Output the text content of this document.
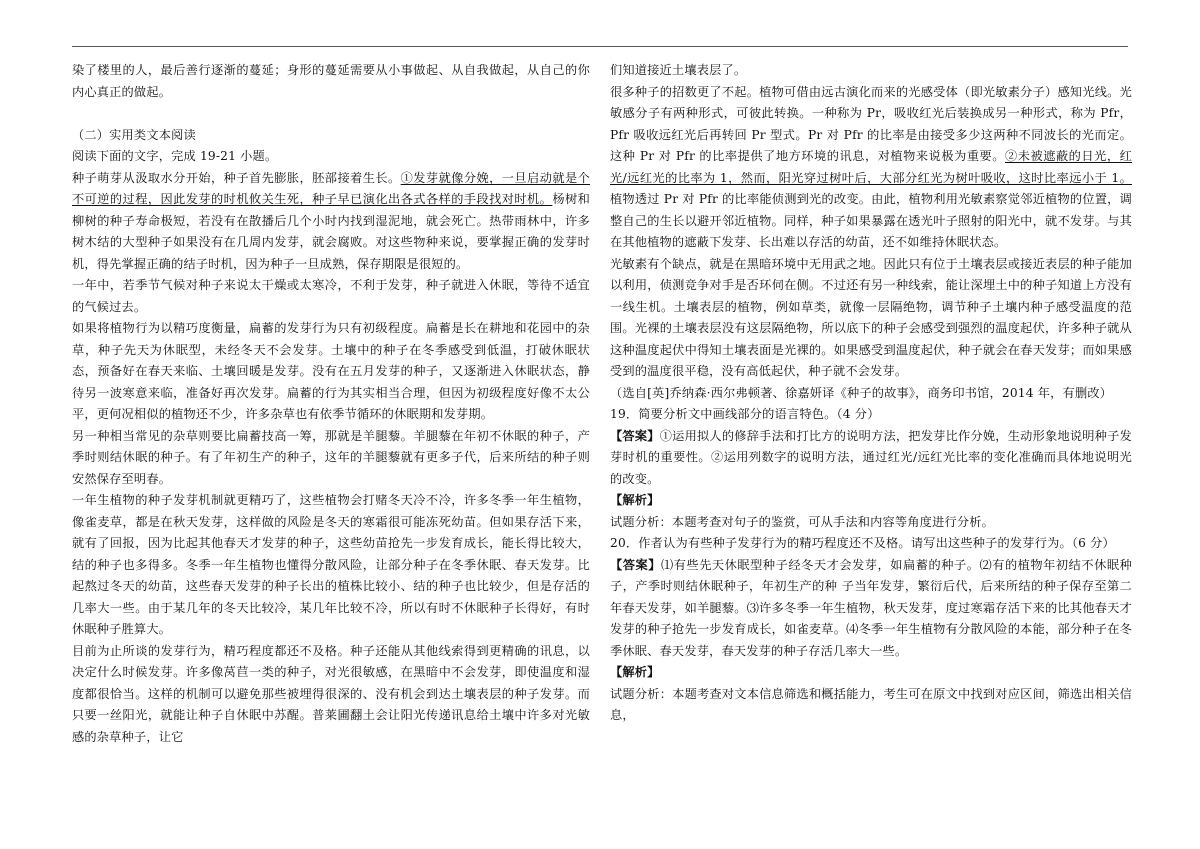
染了楼里的人，最后善行逐渐的蔓延；身形的蔓延需要从小事做起、从自我做起，从自己的你内心真正的做起。

（二）实用类文本阅读

阅读下面的文字，完成 19-21 小题。

种子萌芽从汲取水分开始，种子首先膨胀，胚部接着生长。①发芽就像分娩，一旦启动就是个不可逆的过程，因此发芽的时机攸关生死，种子早已演化出各式各样的手段找对时机。杨树和柳树的种子寿命极短，若没有在散播后几个小时内找到湿泥地，就会死亡。热带雨林中，许多树木结的大型种子如果没有在几周内发芽，就会腐败。对这些物种来说，要掌握正确的发芽时机，得先掌握正确的结子时机，因为种子一旦成熟，保存期限是很短的。

一年中，若季节气候对种子来说太干燥或太寒冷，不利于发芽，种子就进入休眠，等待不适宜的气候过去。

如果将植物行为以精巧度衡量，扁蓄的发芽行为只有初级程度。扁蓄是长在耕地和花园中的杂草，种子先天为休眠型，未经冬天不会发芽。土壤中的种子在冬季感受到低温，打破休眠状态，预备好在春天来临、土壤回暖是发芽。没有在五月发芽的种子，又逐渐进入休眠状态，静待另一波寒意来临，准备好再次发芽。扁蓄的行为其实相当合理，但因为初级程度好像不太公平，更何况相似的植物还不少，许多杂草也有依季节循环的休眠期和发芽期。

另一种相当常见的杂草则要比扁蓄技高一筹，那就是羊腿藜。羊腿藜在年初不休眠的种子，产季时则结休眠的种子。有了年初生产的种子，这年的羊腿藜就有更多子代，后来所结的种子则安然保存至明春。

一年生植物的种子发芽机制就更精巧了，这些植物会打赌冬天冷不冷，许多冬季一年生植物，像雀麦草，都是在秋天发芽，这样做的风险是冬天的寒霜很可能冻死幼苗。但如果存活下来，就有了回报，因为比起其他春天才发芽的种子，这些幼苗抢先一步发育成长，能长得比较大，结的种子也多得多。冬季一年生植物也懂得分散风险，让部分种子在冬季休眠、春天发芽。比起熬过冬天的幼苗，这些春天发芽的种子长出的植株比较小、结的种子也比较少，但是存活的几率大一些。由于某几年的冬天比较冷，某几年比较不冷，所以有时不休眠种子长得好，有时休眠种子胜算大。

目前为止所谈的发芽行为，精巧程度都还不及格。种子还能从其他线索得到更精确的讯息，以决定什么时候发芽。许多像莴苣一类的种子，对光很敏感，在黑暗中不会发芽，即使温度和湿度都很恰当。这样的机制可以避免那些被埋得很深的、没有机会到达土壤表层的种子发芽。而只要一丝阳光，就能让种子自休眠中苏醒。普莱圃翻土会让阳光传递讯息给土壤中许多对光敏感的杂草种子，让它

们知道接近土壤表层了。

很多种子的招数更了不起。植物可借由远古演化而来的光感受体（即光敏素分子）感知光线。光敏感分子有两种形式，可彼此转换。一种称为 Pr，吸收红光后装换成另一种形式，称为 Pfr，Pfr 吸收远红光后再转回 Pr 型式。Pr 对 Pfr 的比率是由接受多少这两种不同波长的光而定。这种 Pr 对 Pfr 的比率提供了地方环境的讯息，对植物来说极为重要。②未被遮蔽的日光，红光/远红光的比率为 1，然而，阳光穿过树叶后，大部分红光为树叶吸收，这时比率远小于 1。植物透过 Pr 对 Pfr 的比率能侦测到光的改变。由此，植物利用光敏素察觉邻近植物的位置，调整自己的生长以避开邻近植物。同样，种子如果暴露在透光叶子照射的阳光中，就不发芽。与其在其他植物的遮蔽下发芽、长出难以存活的幼苗，还不如维持休眠状态。

光敏素有个缺点，就是在黑暗环境中无用武之地。因此只有位于土壤表层或接近表层的种子能加以利用，侦测竞争对手是否环伺在侧。不过还有另一种线索，能让深埋土中的种子知道上方没有一线生机。土壤表层的植物，例如草类，就像一层隔绝物，调节种子土壤内种子感受温度的范围。光裸的土壤表层没有这层隔绝物，所以底下的种子会感受到强烈的温度起伏，许多种子就从这种温度起伏中得知土壤表面是光裸的。如果感受到温度起伏，种子就会在春天发芽；而如果感受到的温度很平稳，没有高低起伏，种子就不会发芽。

（选自[英]乔纳森·西尔弗顿著、徐嘉妍译《种子的故事》，商务印书馆，2014 年，有删改）

19．简要分析文中画线部分的语言特色。（4 分）

【答案】①运用拟人的修辞手法和打比方的说明方法，把发芽比作分娩，生动形象地说明种子发芽时机的重要性。②运用列数字的说明方法，通过红光/远红光比率的变化准确而具体地说明光的改变。

【解析】

试题分析：本题考查对句子的鉴赏，可从手法和内容等角度进行分析。

20．作者认为有些种子发芽行为的精巧程度还不及格。请写出这些种子的发芽行为。（6 分）

【答案】⑴有些先天休眠型种子经冬天才会发芽，如扁蓄的种子。⑵有的植物年初结不休眠种子，产季时则结休眠种子，年初生产的种 子当年发芽，繁衍后代，后来所结的种子保存至第二年春天发芽，如羊腿藜。⑶许多冬季一年生植物，秋天发芽，度过寒霜存活下来的比其他春天才发芽的种子抢先一步发育成长，如雀麦草。⑷冬季一年生植物有分散风险的本能，部分种子在冬季休眠、春天发芽，春天发芽的种子存活几率大一些。

【解析】

试题分析：本题考查对文本信息筛选和概括能力，考生可在原文中找到对应区间，筛选出相关信息，
